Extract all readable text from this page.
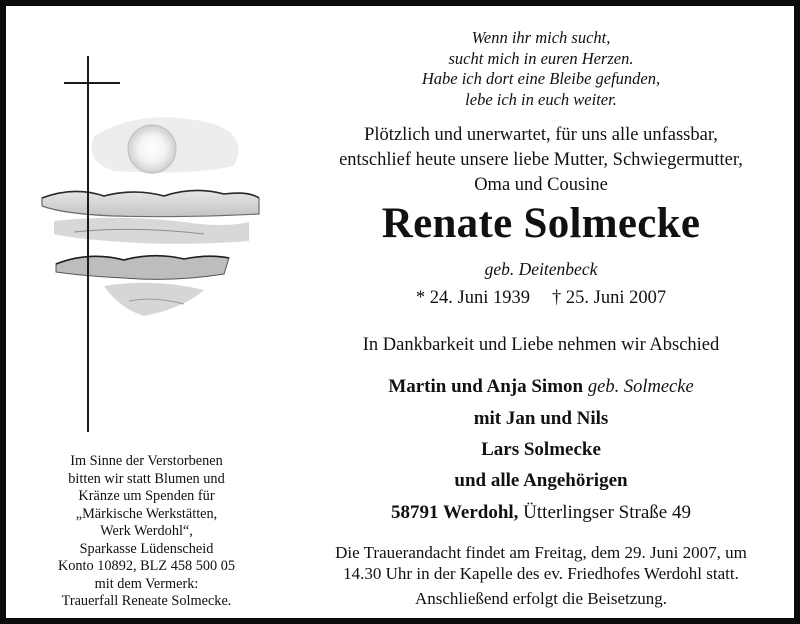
Im Sinne der Verstorbenen
bitten wir statt Blumen und
Kränze um Spenden für
„Märkische Werkstätten,
Werk Werdohl“,
Sparkasse Lüdenscheid
Konto 10892, BLZ 458 500 05
mit dem Vermerk:
Trauerfall Reneate Solmecke.
Wenn ihr mich sucht,
sucht mich in euren Herzen.
Habe ich dort eine Bleibe gefunden,
lebe ich in euch weiter.
Plötzlich und unerwartet, für uns alle unfassbar,
entschlief heute unsere liebe Mutter, Schwiegermutter,
Oma und Cousine
Renate Solmecke
geb. Deitenbeck
* 24. Juni 1939 † 25. Juni 2007
In Dankbarkeit und Liebe nehmen wir Abschied
Martin und Anja Simon geb. Solmecke
mit Jan und Nils
Lars Solmecke
und alle Angehörigen
58791 Werdohl, Ütterlingser Straße 49
Die Trauerandacht findet am Freitag, dem 29. Juni 2007, um
14.30 Uhr in der Kapelle des ev. Friedhofes Werdohl statt.
Anschließend erfolgt die Beisetzung.
